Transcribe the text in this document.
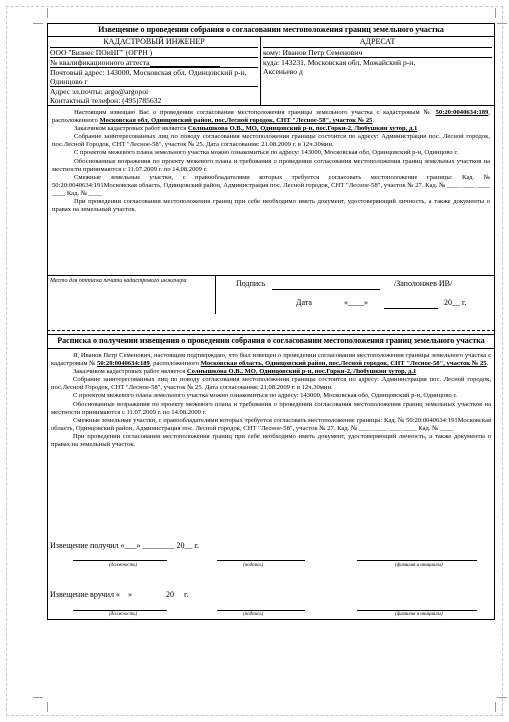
Извещение о проведении собрания о согласовании местоположения границ земельного участка
КАДАСТРОВЫЙ ИНЖЕНЕР
ООО "Бизнес ПОиНГ" (ОГРН )
№ квалификационного аттеста
Почтовый адрес: 143000, Московская обл, Одинцовский р-н, Одинцово г
Адрес эл.почты: argo@argopoi
Контактный телефон: (495)785632
АДРЕСАТ
кому: Иванов Петр Семенович
куда: 143231, Московская обл, Можайский р-н,
Аксеньево д

Настоящим извещаю Вас о проведении согласования местоположения границы земельного участка с кадастровым № 50:20:0040634:189, расположенного Московская обл, Одинцовский район, пос.Лесной городок, СНТ "Лесное-58", участок № 25.

Заказчиком кадастровых работ является Солнышкова О.В., МО, Одинцовский р-н, пос.Горки-2, Любушкин хутор, д.1

Собрание заинтересованных лиц по поводу согласования местоположения границы состоится по адресу: Администрация пос. Лесной городок, пос.Лесной Городок, СНТ "Лесное-58", участок № 25. Дата согласования: 21.08.2009 г. в 12ч.30мин.

С проектом межевого плана земельного участка можно ознакомиться по адресу: 143000, Московская обл, Одинцовский р-н, Одинцово г.

Обоснованные возражения по проекту межевого плана и требования о проведении согласования местоположения границ земельных участков на местности принимаются с 11.07.2009 г. по 14.08.2009 г.

Смежные земельные участки, с правообладателями которых требуется согласовать местоположение границы: Кад. № 50:20:0040634:191Московская область, Одинцовский район, Администрация пос. Лесной городок, СНТ "Лесное-58", участок № 27. Кад. № ____ ____ ____ ____ Кад. № ____

При проведении согласования местоположения границ при себе необходимо иметь документ, удостоверяющий личность, а также документы о правах на земельный участок.

Место для оттиска печати кадастрового инженера	Подпись	/Заполонжев ИВ/
Дата	«____»	20__ г.
Расписка о получении извещения о проведении собрания о согласовании местоположения границ земельного участка

Я, Иванов Петр Семенович, настоящим подтверждаю, что был извещен о проведении согласования местоположения границы земельного участка с кадастровым № 50:20:0040634:189, расположенного Московская область, Одинцовский район, пос.Лесной городок, СНТ "Лесное-58", участок № 25.

Заказчиком кадастровых работ является Солнышкова О.В., МО, Одинцовский р-н, пос.Горки-2, Любушкин хутор, д.1

Собрание заинтересованных лиц по поводу согласования местоположения границы состоится по адресу: Администрация пос. Лесной городок, пос.Лесной Городок, СНТ "Лесное-58", участок № 25. Дата согласования: 21.08.2009 г. в 12ч.30мин.

С проектом межевого плана земельного участка можно ознакомиться по адресу: 143000, Московская обл, Одинцовский р-н, Одинцово г.

Обоснованные возражения по проекту межевого плана и требования о проведении согласования местоположения границ земельных участков на местности принимаются с 11.07.2009 г. по 14.08.2009 г.

Смежные земельные участки, с правообладателями которых требуется согласовать местоположение границы: Кад. № 50:20:0040634:191Московская область, Одинцовский район, Администрация пос. Лесной городок, СНТ "Лесное-58", участок № 27. Кад. № ____ ____ ____ ____ Кад. № ____

При проведении согласования местоположения границ при себе необходимо иметь документ, удостоверяющий личность, а также документы о правах на земельный участок.

Извещение получил «___» ________ 20__ г.
(должность)	(подпись)	(фамилия и инициалы)
Извещение вручил «    »                 20     г.
(должность)	(подпись)	(фамилия и инициалы)
